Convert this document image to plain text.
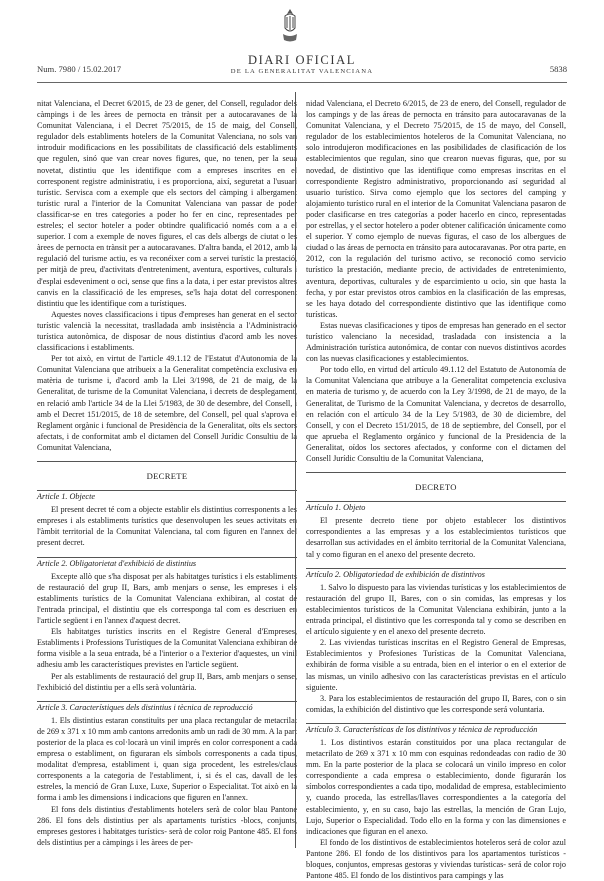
Num. 7980 / 15.02.2017
DIARI OFICIAL
DE LA GENERALITAT VALENCIANA	5838

nitat Valenciana, el Decret 6/2015, de 23 de gener, del Consell, regulador dels càmpings i de les àrees de pernocta en trànsit per a autocaravanes de la Comunitat Valenciana, i el Decret 75/2015, de 15 de maig, del Consell, regulador dels establiments hotelers de la Comunitat Valenciana, no sols van introduir modificacions en les possibilitats de classificació dels establiments que regulen, sinó que van crear noves figures, que, no tenen, per la seua novetat, distintiu que les identifique com a empreses inscrites en el corresponent registre administratiu, i es proporciona, així, seguretat a l'usuari turístic. Servisca com a exemple que els sectors del càmping i albergament turístic rural a l'interior de la Comunitat Valenciana van passar de poder classificar-se en tres categories a poder ho fer en cinc, representades per estreles; el sector hoteler a poder obtindre qualificació només com a a el superior. I com a exemple de noves figures, el cas dels albergs de ciutat o les àrees de pernocta en trànsit per a autocaravanes. D'altra banda, el 2012, amb la regulació del turisme actiu, es va reconéixer com a servei turístic la prestació, per mitjà de preu, d'activitats d'entreteniment, aventura, esportives, culturals i d'esplai esdeveniment o oci, sense que fins a la data, i per estar previstos altres canvis en la classificació de les empreses, se'ls haja dotat del corresponent distintiu que les identifique com a turístiques.

Aquestes noves classificacions i tipus d'empreses han generat en el sector turístic valencià la necessitat, traslladada amb insistència a l'Administració turística autonòmica, de disposar de nous distintius d'acord amb les noves classificacions i establiments.

Per tot això, en virtut de l'article 49.1.12 de l'Estatut d'Autonomia de la Comunitat Valenciana que atribueix a la Generalitat competència exclusiva en matèria de turisme i, d'acord amb la Llei 3/1998, de 21 de maig, de la Generalitat, de turisme de la Comunitat Valenciana, i decrets de desplegament, en relació amb l'article 34 de la Llei 5/1983, de 30 de desembre, del Consell, i amb el Decret 151/2015, de 18 de setembre, del Consell, pel qual s'aprova el Reglament orgànic i funcional de Presidència de la Generalitat, oïts els sectors afectats, i de conformitat amb el dictamen del Consell Jurídic Consultiu de la Comunitat Valenciana,

DECRETE
Article 1. Objecte

El present decret té com a objecte establir els distintius corresponents a les empreses i als establiments turístics que desenvolupen les seues activitats en l'àmbit territorial de la Comunitat Valenciana, tal com figuren en l'annex del present decret.

Article 2. Obligatorietat d'exhibició de distintius

Excepte allò que s'ha disposat per als habitatges turístics i els establiments de restauració del grup II, Bars, amb menjars o sense, les empreses i els establiments turístics de la Comunitat Valenciana exhibiran, al costat de l'entrada principal, el distintiu que els corresponga tal com es descriuen en l'article següent i en l'annex d'aquest decret.

Els habitatges turístics inscrits en el Registre General d'Empreses, Establiments i Professions Turístiques de la Comunitat Valenciana exhibiran de forma visible a la seua entrada, bé a l'interior o a l'exterior d'aquestes, un vinil adhesiu amb les característiques previstes en l'article següent.

Per als establiments de restauració del grup II, Bars, amb menjars o sense, l'exhibició del distintiu per a ells serà voluntària.

Article 3. Característiques dels distintius i tècnica de reproducció

1. Els distintius estaran constituïts per una placa rectangular de metacrilat de 269 x 371 x 10 mm amb cantons arredonits amb un radi de 30 mm. A la part posterior de la placa es col·locarà un vinil imprés en color corresponent a cada empresa o establiment, on figuraran els símbols corresponents a cada tipus, modalitat d'empresa, establiment i, quan siga procedent, les estreles/claus corresponents a la categoria de l'establiment, i, si és el cas, davall de les estreles, la menció de Gran Luxe, Luxe, Superior o Especialitat. Tot això en la forma i amb les dimensions i indicacions que figuren en l'annex.

El fons dels distintius d'establiments hotelers serà de color blau Pantone 286. El fons dels distintius per als apartaments turístics -blocs, conjunts, empreses gestores i habitatges turístics- serà de color roig Pantone 485. El fons dels distintius per a càmpings i les àrees de per-

nidad Valenciana, el Decreto 6/2015, de 23 de enero, del Consell, regulador de los campings y de las áreas de pernocta en tránsito para autocaravanas de la Comunitat Valenciana, y el Decreto 75/2015, de 15 de mayo, del Consell, regulador de los establecimientos hoteleros de la Comunitat Valenciana, no solo introdujeron modificaciones en las posibilidades de clasificación de los establecimientos que regulan, sino que crearon nuevas figuras, que, por su novedad, de distintivo que las identifique como empresas inscritas en el correspondiente Registro administrativo, proporcionando así seguridad al usuario turístico. Sirva como ejemplo que los sectores del camping y alojamiento turístico rural en el interior de la Comunitat Valenciana pasaron de poder clasificarse en tres categorías a poder hacerlo en cinco, representadas por estrellas, y el sector hotelero a poder obtener calificación únicamente como el superior. Y como ejemplo de nuevas figuras, el caso de los albergues de ciudad o las áreas de pernocta en tránsito para autocaravanas. Por otra parte, en 2012, con la regulación del turismo activo, se reconoció como servicio turístico la prestación, mediante precio, de actividades de entretenimiento, aventura, deportivas, culturales y de esparcimiento u ocio, sin que hasta la fecha, y por estar previstos otros cambios en la clasificación de las empresas, se les haya dotado del correspondiente distintivo que las identifique como turísticas.

Estas nuevas clasificaciones y tipos de empresas han generado en el sector turístico valenciano la necesidad, trasladada con insistencia a la Administración turística autonómica, de contar con nuevos distintivos acordes con las nuevas clasificaciones y establecimientos.

Por todo ello, en virtud del artículo 49.1.12 del Estatuto de Autonomía de la Comunitat Valenciana que atribuye a la Generalitat competencia exclusiva en materia de turismo y, de acuerdo con la Ley 3/1998, de 21 de mayo, de la Generalitat, de Turismo de la Comunitat Valenciana, y decretos de desarrollo, en relación con el artículo 34 de la Ley 5/1983, de 30 de diciembre, del Consell, y con el Decreto 151/2015, de 18 de septiembre, del Consell, por el que aprueba el Reglamento orgánico y funcional de la Presidencia de la Generalitat, oídos los sectores afectados, y conforme con el dictamen del Consell Jurídic Consultiu de la Comunitat Valenciana,

DECRETO
Artículo 1. Objeto

El presente decreto tiene por objeto establecer los distintivos correspondientes a las empresas y a los establecimientos turísticos que desarrollan sus actividades en el ámbito territorial de la Comunitat Valenciana, tal y como figuran en el anexo del presente decreto.

Artículo 2. Obligatoriedad de exhibición de distintivos

1. Salvo lo dispuesto para las viviendas turísticas y los establecimientos de restauración del grupo II, Bares, con o sin comidas, las empresas y los establecimientos turísticos de la Comunitat Valenciana exhibirán, junto a la entrada principal, el distintivo que les corresponda tal y como se describen en el artículo siguiente y en el anexo del presente decreto.

2. Las viviendas turísticas inscritas en el Registro General de Empresas, Establecimientos y Profesiones Turísticas de la Comunitat Valenciana, exhibirán de forma visible a su entrada, bien en el interior o en el exterior de las mismas, un vinilo adhesivo con las características previstas en el artículo siguiente.

3. Para los establecimientos de restauración del grupo II, Bares, con o sin comidas, la exhibición del distintivo que les corresponde será voluntaria.

Artículo 3. Características de los distintivos y técnica de reproducción

1. Los distintivos estarán constituidos por una placa rectangular de metacrilato de 269 x 371 x 10 mm con esquinas redondeadas con radio de 30 mm. En la parte posterior de la placa se colocará un vinilo impreso en color correspondiente a cada empresa o establecimiento, donde figurarán los símbolos correspondientes a cada tipo, modalidad de empresa, establecimiento y, cuando proceda, las estrellas/llaves correspondientes a la categoría del establecimiento, y, en su caso, bajo las estrellas, la mención de Gran Lujo, Lujo, Superior o Especialidad. Todo ello en la forma y con las dimensiones e indicaciones que figuran en el anexo.

El fondo de los distintivos de establecimientos hoteleros será de color azul Pantone 286. El fondo de los distintivos para los apartamentos turísticos -bloques, conjuntos, empresas gestoras y viviendas turísticas- será de color rojo Pantone 485. El fondo de los distintivos para campings y las
